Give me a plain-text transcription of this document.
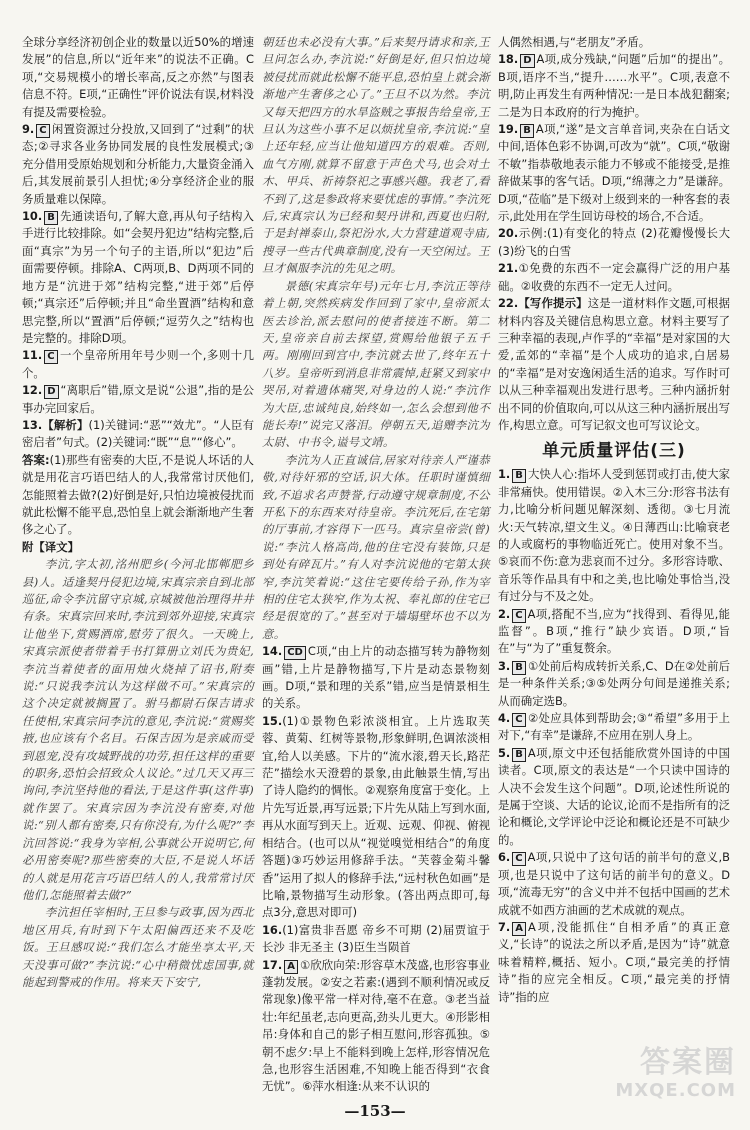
全球分享经济初创企业的数量以近50%的增速发展”的信息,所以“近年来”的说法不正确。C项,“交易规模小的增长率高,反之亦然”与图表信息不符。E项,“正确性”评价说法有误,材料没有提及需要检验。

9. C 闲置资源过分投放,又回到了“过剩”的状态;②寻求各业务协同发展的良性发展模式;③充分借用受原始规划和分析能力,大量资金涌入后,其发展前景引人担忧;④分享经济企业的服务质量难以保障。

10. B 先通读语句,了解大意,再从句子结构入手进行比较排除。如“会契丹犯边”结构完整,后面“真宗”为另一个句子的主语,所以“犯边”后面需要停顿。排除A、C两项,B、D两项不同的地方是“沆进于郊”结构完整,“进于郊”后停顿;“真宗还”后停顿;并且“命坐置酒”结构和意思完整,所以“置酒”后停顿;“逗劳久之”结构也是完整的。排除D项。

11. C 一个皇帝所用年号少则一个,多则十几个。

12. D “离职后”错,原文是说“公退”,指的是公事办完回家后。

13.【解析】(1)关键词:“恶”“效尤”。“人臣有密启者”句式。(2)关键词:“既”“息”“修心”。

答案:(1)那些有密奏的大臣,不是说人坏话的人就是用花言巧语巴结人的人,我常常讨厌他们,怎能照着去做?(2)好倒是好,只怕边境被侵扰而就此松懈不能平息,恐怕皇上就会渐渐地产生奢侈之心了。

附【译文】

李沆,字太初,洺州肥乡(今河北邯郸肥乡县)人。适逢契丹侵犯边境,宋真宗亲自到北部巡征,命令李沆留守京城,京城被他治理得井井有条。宋真宗回来时,李沆到郊外迎接,宋真宗让他坐下,赏赐酒席,慰劳了很久。一天晚上,宋真宗派使者带着手书打算册立刘氏为贵妃,李沆当着使者的面用烛火烧掉了诏书,附奏说:“只说我李沆认为这样做不可。”宋真宗的这个决定就被搁置了。驸马都尉石保吉请求任使相,宋真宗问李沆的意见,李沆说:“赏赐奖掖,也应该有个名目。石保吉因为是亲戚而受到恩宠,没有攻城野战的功劳,担任这样的重要的职务,恐怕会招致众人议论。”过几天又再三询问,李沆坚持他的看法,于是这件事(这件事)就作罢了。宋真宗因为李沆没有密奏,对他说:“别人都有密奏,只有你没有,为什么呢?”李沆回答说:“我身为宰相,公事就公开说明它,何必用密奏呢?那些密奏的大臣,不是说人坏话的人就是用花言巧语巴结人的人,我常常讨厌他们,怎能照着去做?”

李沆担任宰相时,王旦参与政事,因为西北地区用兵,有时到下午太阳偏西还来不及吃饭。王旦感叹说:“我们怎么才能坐享太平,天天没事可做?”李沆说:“心中稍微忧虑国事,就能起到警戒的作用。将来天下安宁,

朝廷也未必没有大事。”后来契丹请求和亲,王旦问怎么办,李沆说:“好倒是好,但只怕边境被侵扰而就此松懈不能平息,恐怕皇上就会渐渐地产生奢侈之心了。”王旦不以为然。李沆又每天把四方的水旱盗贼之事报告给皇帝,王旦认为这些小事不足以烦扰皇帝,李沆说:“皇上还年轻,应当让他知道四方的艰难。否则,血气方刚,就算不留意于声色犬马,也会对土木、甲兵、祈祷祭祀之事感兴趣。我老了,看不到了,这是参政将来要忧虑的事情。”李沆死后,宋真宗认为已经和契丹讲和,西夏也归附,于是封禅泰山,祭祀汾水,大力营建道观寺庙,搜寻一些古代典章制度,没有一天空闲过。王旦才佩服李沆的先见之明。

景德(宋真宗年号)元年七月,李沆正等待着上朝,突然疾病发作回到了家中,皇帝派太医去诊治,派去慰问的使者接连不断。第二天,皇帝亲自前去探望,赏赐给他银子五千两。刚刚回到宫中,李沆就去世了,终年五十八岁。皇帝听到消息非常震悼,赶紧又到家中哭吊,对着遗体痛哭,对身边的人说:“李沆作为大臣,忠诚纯良,始终如一,怎么会想到他不能长寿!”说完又落泪。停朝五天,追赠李沆为太尉、中书令,谥号文靖。

李沆为人正直诚信,居家对待亲人严谨恭敬,对待奸邪的空话,识大体。任职时谨慎细致,不追求名声赞誉,行动遵守规章制度,不公开私下的东西来对待皇帝。李沆死后,在宅第的厅事前,才容得下一匹马。真宗皇帝尝(曾)说:“李沆人格高尚,他的住宅没有装饰,只是到处有碎瓦片。”有人对李沆说他的宅第太狭窄,李沆笑着说:“这住宅要传给子孙,作为宰相的住宅太狭窄,作为太祝、奉礼郎的住宅已经是很宽的了。”甚至对于墙塌壁坏也不以为意。

14. CD C项,“由上片的动态描写转为静物刻画”错,上片是静物描写,下片是动态景物刻画。D项,“景和理的关系”错,应当是情景相生的关系。

15.(1)①景物色彩浓淡相宜。上片选取芙蓉、黄菊、红树等景物,形象鲜明,色调浓淡相宜,给人以美感。下片的“流水滚,碧天长,路茫茫”描绘水天澄碧的景象,由此触景生情,写出了诗人隐约的惆怅。②观察角度富于变化。上片先写近景,再写远景;下片先从陆上写到水面,再从水面写到天上。近观、远观、仰视、俯视相结合。(也可以从“视觉嗅觉相结合”的角度答题)③巧妙运用修辞手法。“芙蓉金菊斗馨香”运用了拟人的修辞手法,“远村秋色如画”是比喻,景物描写生动形象。(答出两点即可,每点3分,意思对即可)

16.(1)富贵非吾愿 帝乡不可期 (2)届贾谊于长沙 非无圣主 (3)臣生当陨首

17. A ①欣欣向荣:形容草木茂盛,也形容事业蓬勃发展。②安之若素:(遇到不顺利情况或反常现象)像平常一样对待,毫不在意。③老当益壮:年纪虽老,志向更高,劲头儿更大。④形影相吊:身体和自己的影子相互慰问,形容孤独。⑤朝不虑夕:早上不能料到晚上怎样,形容情况危急,也形容生活困难,不知晚上能否得到“衣食无忧”。⑥萍水相逢:从来不认识的

人偶然相遇,与“老朋友”矛盾。

18. D A项,成分残缺,“问题”后加“的提出”。B项,语序不当,“提升……水平”。C项,表意不明,防止再发生有两种情况:一是日本战犯翻案;二是为日本政府的行为掩护。

19. B A项,“遂”是文言单音词,夹杂在白话文中间,语体色彩不协调,可改为“就”。C项,“敬谢不敏”指恭敬地表示能力不够或不能接受,是推辞做某事的客气话。D项,“绵薄之力”是谦辞。D项,“莅临”是下级对上级到来的一种客套的表示,此处用在学生回访母校的场合,不合适。

20.示例:(1)有变化的特点 (2)花瓣慢慢长大 (3)纷飞的白雪

21.①免费的东西不一定会赢得广泛的用户基础。②收费的东西不一定无人过问。

22.【写作提示】这是一道材料作文题,可根据材料内容及关键信息构思立意。材料主要写了三种幸福的表现,卢作孚的“幸福”是对家国的大爱,孟郊的“幸福”是个人成功的追求,白居易的“幸福”是对安逸闲适生活的追求。写作时可以从三种幸福观出发进行思考。三种内涵折射出不同的价值取向,可以从这三种内涵折展出写作,构思立意。可写记叙文也可写议论文。

单元质量评估(三)

1. B 大快人心:指坏人受到惩罚或打击,使大家非常痛快。使用错误。②入木三分:形容书法有力,比喻分析问题见解深刻、透彻。③七月流火:天气转凉,望文生义。④日薄西山:比喻衰老的人或腐朽的事物临近死亡。使用对象不当。⑤哀而不伤:意为悲哀而不过分。多形容诗歌、音乐等作品具有中和之美,也比喻处事恰当,没有过分与不及之处。

2. C A项,搭配不当,应为“找得到、看得见,能监督”。B项,“推行”缺少宾语。D项,“旨在”与“为了”重复赘余。

3. B ①处前后构成转折关系,C、D在②处前后是一种条件关系;③⑤处两分句间是递推关系;从而确定选B。

4. C ②处应具体到帮助会;③“希望”多用于上对下,“有幸”是谦辞,不应用在别人身上。

5. B A项,原文中还包括能欣赏外国诗的中国读者。C项,原文的表达是“一个只读中国诗的人决不会发生这个问题”。D项,论述性所说的是属于空谈、大话的论议,论而不是指所有的泛论和概论,文学评论中泛论和概论还是不可缺少的。

6. C A项,只说中了这句话的前半句的意义,B项,也是只说中了这句话的前半句的意义。D项,“流毒无穷”的含义中并不包括中国画的艺术成就不如西方油画的艺术成就的观点。

7. A A项,没能抓住“自相矛盾”的真正意义,“长诗”的说法之所以矛盾,是因为“诗”就意味着精粹,概括、短小。C项,“最完美的抒情诗”指的应完全相反。C项,“最完美的抒情诗”指的应

—153—
答案圈
MXQE.COM
